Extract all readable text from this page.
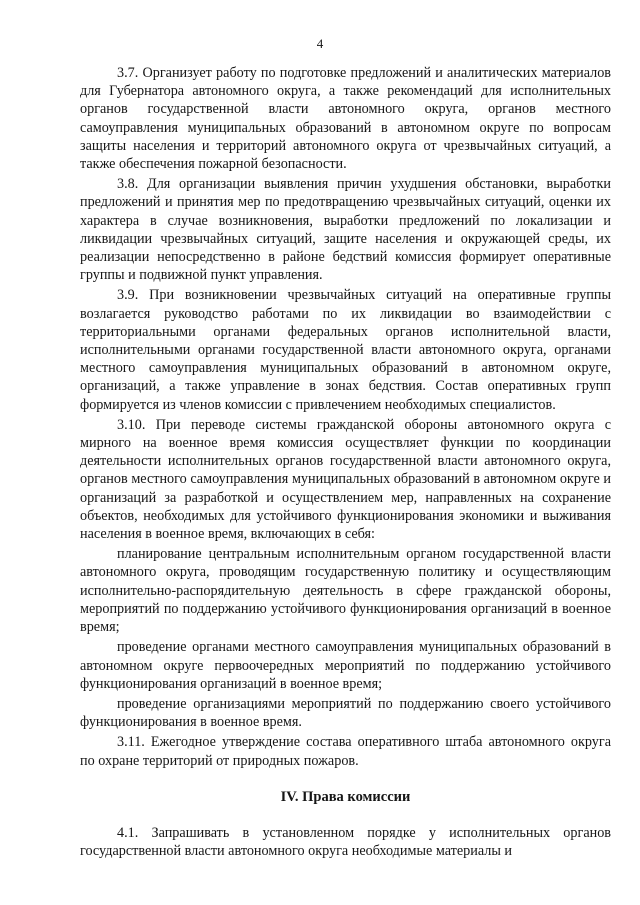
4

3.7. Организует работу по подготовке предложений и аналитических материалов для Губернатора автономного округа, а также рекомендаций для исполнительных органов государственной власти автономного округа, органов местного самоуправления муниципальных образований в автономном округе по вопросам защиты населения и территорий автономного округа от чрезвычайных ситуаций, а также обеспечения пожарной безопасности.

3.8. Для организации выявления причин ухудшения обстановки, выработки предложений и принятия мер по предотвращению чрезвычайных ситуаций, оценки их характера в случае возникновения, выработки предложений по локализации и ликвидации чрезвычайных ситуаций, защите населения и окружающей среды, их реализации непосредственно в районе бедствий комиссия формирует оперативные группы и подвижной пункт управления.

3.9. При возникновении чрезвычайных ситуаций на оперативные группы возлагается руководство работами по их ликвидации во взаимодействии с территориальными органами федеральных органов исполнительной власти, исполнительными органами государственной власти автономного округа, органами местного самоуправления муниципальных образований в автономном округе, организаций, а также управление в зонах бедствия. Состав оперативных групп формируется из членов комиссии с привлечением необходимых специалистов.

3.10. При переводе системы гражданской обороны автономного округа с мирного на военное время комиссия осуществляет функции по координации деятельности исполнительных органов государственной власти автономного округа, органов местного самоуправления муниципальных образований в автономном округе и организаций за разработкой и осуществлением мер, направленных на сохранение объектов, необходимых для устойчивого функционирования экономики и выживания населения в военное время, включающих в себя:

планирование центральным исполнительным органом государственной власти автономного округа, проводящим государственную политику и осуществляющим исполнительно-распорядительную деятельность в сфере гражданской обороны, мероприятий по поддержанию устойчивого функционирования организаций в военное время;

проведение органами местного самоуправления муниципальных образований в автономном округе первоочередных мероприятий по поддержанию устойчивого функционирования организаций в военное время;

проведение организациями мероприятий по поддержанию своего устойчивого функционирования в военное время.

3.11. Ежегодное утверждение состава оперативного штаба автономного округа по охране территорий от природных пожаров.

IV. Права комиссии

4.1. Запрашивать в установленном порядке у исполнительных органов государственной власти автономного округа необходимые материалы и
